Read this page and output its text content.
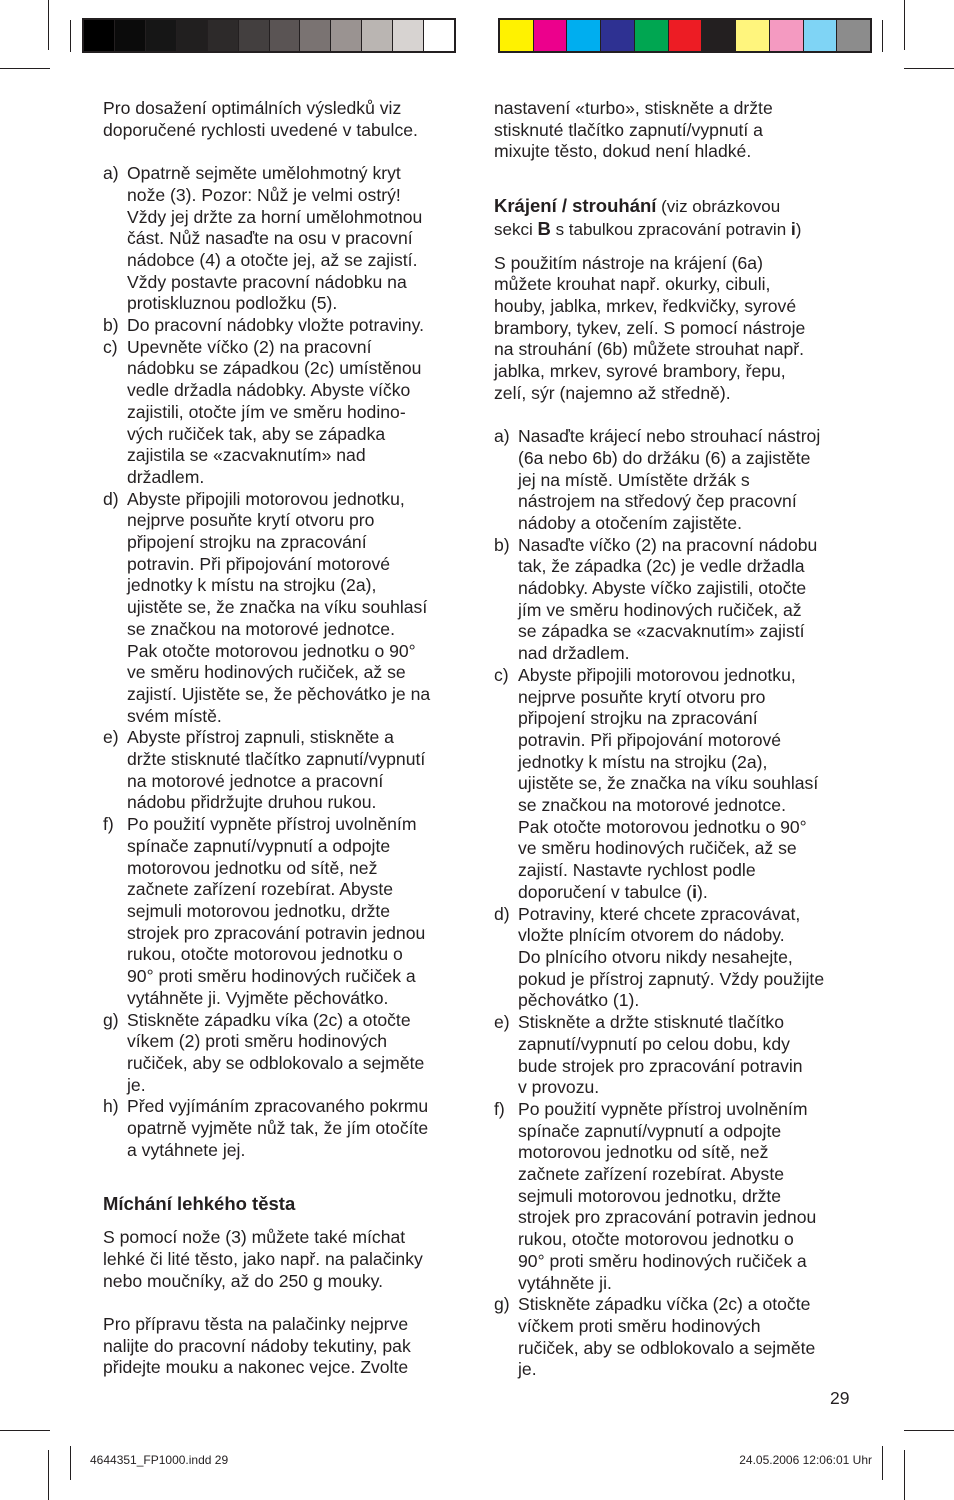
Pro dosažení optimálních výsledků viz
doporučené rychlosti uvedené v tabulce.

a) Opatrně sejměte umělohmotný kryt
nože (3). Pozor: Nůž je velmi ostrý!
Vždy jej držte za horní umělohmotnou
část. Nůž nasaďte na osu v pracovní
nádobce (4) a otočte jej, až se zajistí.
Vždy postavte pracovní nádobku na
protiskluznou podložku (5).
b) Do pracovní nádobky vložte potraviny.
c) Upevněte víčko (2) na pracovní
nádobku se západkou (2c) umístěnou
vedle držadla nádobky. Abyste víčko
zajistili, otočte jím ve směru hodino-
vých ručiček tak, aby se západka
zajistila se «zacvaknutím» nad
držadlem.
d) Abyste připojili motorovou jednotku,
nejprve posuňte krytí otvoru pro
připojení strojku na zpracování
potravin. Při připojování motorové
jednotky k místu na strojku (2a),
ujistěte se, že značka na víku souhlasí
se značkou na motorové jednotce.
Pak otočte motorovou jednotku o 90°
ve směru hodinových ručiček, až se
zajistí. Ujistěte se, že pěchovátko je na
svém místě.
e) Abyste přístroj zapnuli, stiskněte a
držte stisknuté tlačítko zapnutí/vypnutí
na motorové jednotce a pracovní
nádobu přidržujte druhou rukou.
f) Po použití vypněte přístroj uvolněním
spínače zapnutí/vypnutí a odpojte
motorovou jednotku od sítě, než
začnete zařízení rozebírat. Abyste
sejmuli motorovou jednotku, držte
strojek pro zpracování potravin jednou
rukou, otočte motorovou jednotku o
90° proti směru hodinových ručiček a
vytáhněte ji. Vyjměte pěchovátko.
g) Stiskněte západku víka (2c) a otočte
víkem (2) proti směru hodinových
ručiček, aby se odblokovalo a sejměte
je.
h) Před vyjímáním zpracovaného pokrmu
opatrně vyjměte nůž tak, že jím otočíte
a vytáhnete jej.

Míchání lehkého těsta

S pomocí nože (3) můžete také míchat
lehké či lité těsto, jako např. na palačinky
nebo moučníky, až do 250 g mouky.

Pro přípravu těsta na palačinky nejprve
nalijte do pracovní nádoby tekutiny, pak
přidejte mouku a nakonec vejce. Zvolte

nastavení «turbo», stiskněte a držte
stisknuté tlačítko zapnutí/vypnutí a
mixujte těsto, dokud není hladké.

Krájení / strouhání (viz obrázkovou
sekci B s tabulkou zpracování potravin i)

S použitím nástroje na krájení (6a)
můžete krouhat např. okurky, cibuli,
houby, jablka, mrkev, ředkvičky, syrové
brambory, tykev, zelí. S pomocí nástroje
na strouhání (6b) můžete strouhat např.
jablka, mrkev, syrové brambory, řepu,
zelí, sýr (najemno až středně).

a) Nasaďte krájecí nebo strouhací nástroj
(6a nebo 6b) do držáku (6) a zajistěte
jej na místě. Umístěte držák s
nástrojem na středový čep pracovní
nádoby a otočením zajistěte.
b) Nasaďte víčko (2) na pracovní nádobu
tak, že západka (2c) je vedle držadla
nádobky. Abyste víčko zajistili, otočte
jím ve směru hodinových ručiček, až
se západka se «zacvaknutím» zajistí
nad držadlem.
c) Abyste připojili motorovou jednotku,
nejprve posuňte krytí otvoru pro
připojení strojku na zpracování
potravin. Při připojování motorové
jednotky k místu na strojku (2a),
ujistěte se, že značka na víku souhlasí
se značkou na motorové jednotce.
Pak otočte motorovou jednotku o 90°
ve směru hodinových ručiček, až se
zajistí. Nastavte rychlost podle
doporučení v tabulce (i).
d) Potraviny, které chcete zpracovávat,
vložte plnícím otvorem do nádoby.
Do plnícího otvoru nikdy nesahejte,
pokud je přístroj zapnutý. Vždy použijte
pěchovátko (1).
e) Stiskněte a držte stisknuté tlačítko
zapnutí/vypnutí po celou dobu, kdy
bude strojek pro zpracování potravin
v provozu.
f) Po použití vypněte přístroj uvolněním
spínače zapnutí/vypnutí a odpojte
motorovou jednotku od sítě, než
začnete zařízení rozebírat. Abyste
sejmuli motorovou jednotku, držte
strojek pro zpracování potravin jednou
rukou, otočte motorovou jednotku o
90° proti směru hodinových ručiček a
vytáhněte ji.
g) Stiskněte západku víčka (2c) a otočte
víčkem proti směru hodinových
ručiček, aby se odblokovalo a sejměte
je.
29
4644351_FP1000.indd 29	24.05.2006 12:06:01 Uhr
